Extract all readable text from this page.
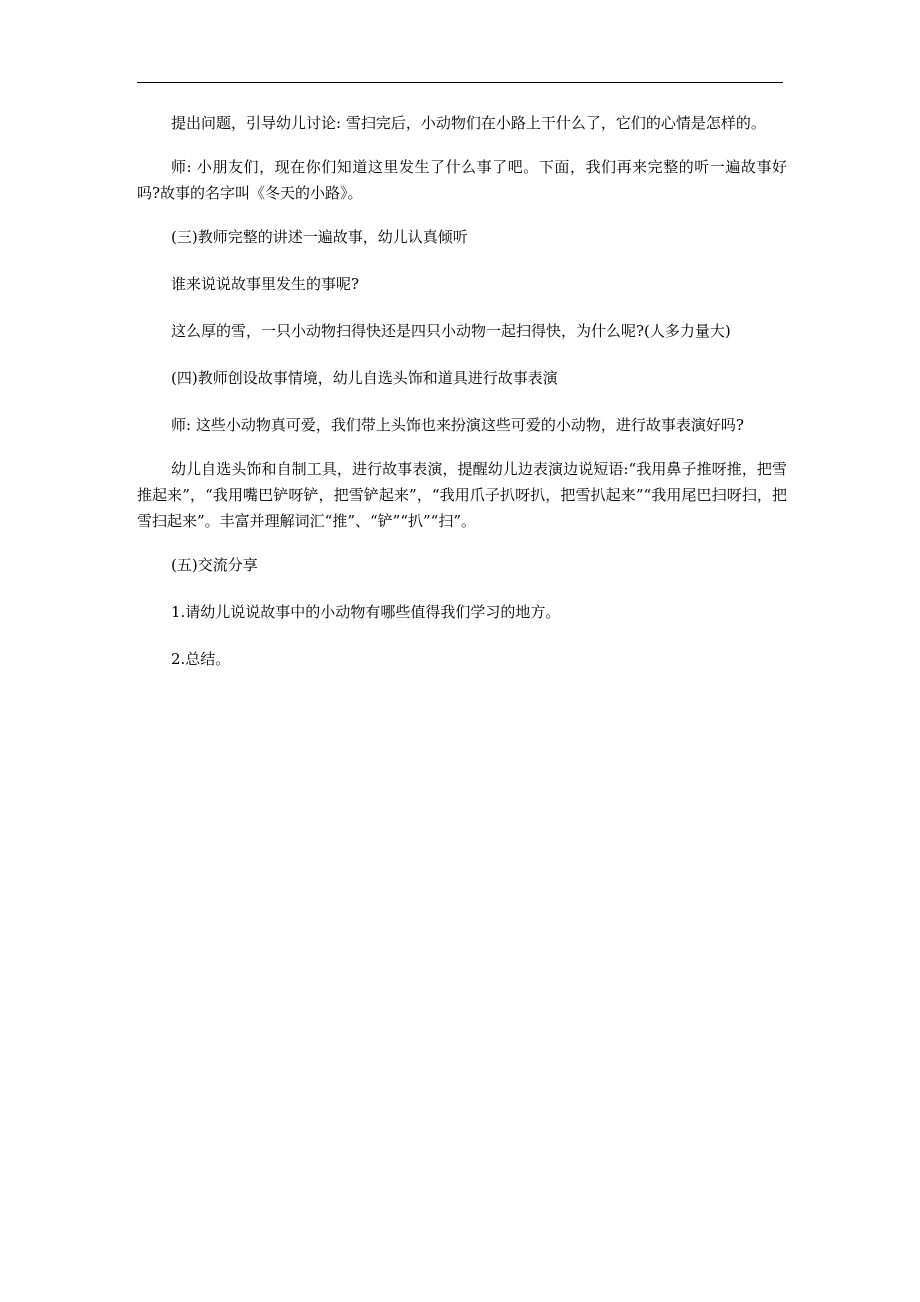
提出问题，引导幼儿讨论: 雪扫完后，小动物们在小路上干什么了，它们的心情是怎样的。

师: 小朋友们，现在你们知道这里发生了什么事了吧。下面，我们再来完整的听一遍故事好吗?故事的名字叫《冬天的小路》。

(三)教师完整的讲述一遍故事，幼儿认真倾听

谁来说说故事里发生的事呢?

这么厚的雪，一只小动物扫得快还是四只小动物一起扫得快，为什么呢?(人多力量大)

(四)教师创设故事情境，幼儿自选头饰和道具进行故事表演

师: 这些小动物真可爱，我们带上头饰也来扮演这些可爱的小动物，进行故事表演好吗?

幼儿自选头饰和自制工具，进行故事表演，提醒幼儿边表演边说短语:“我用鼻子推呀推，把雪推起来”，“我用嘴巴铲呀铲，把雪铲起来”，“我用爪子扒呀扒，把雪扒起来”“我用尾巴扫呀扫，把雪扫起来”。丰富并理解词汇“推”、“铲”“扒”“扫”。

(五)交流分享

1.请幼儿说说故事中的小动物有哪些值得我们学习的地方。

2.总结。
